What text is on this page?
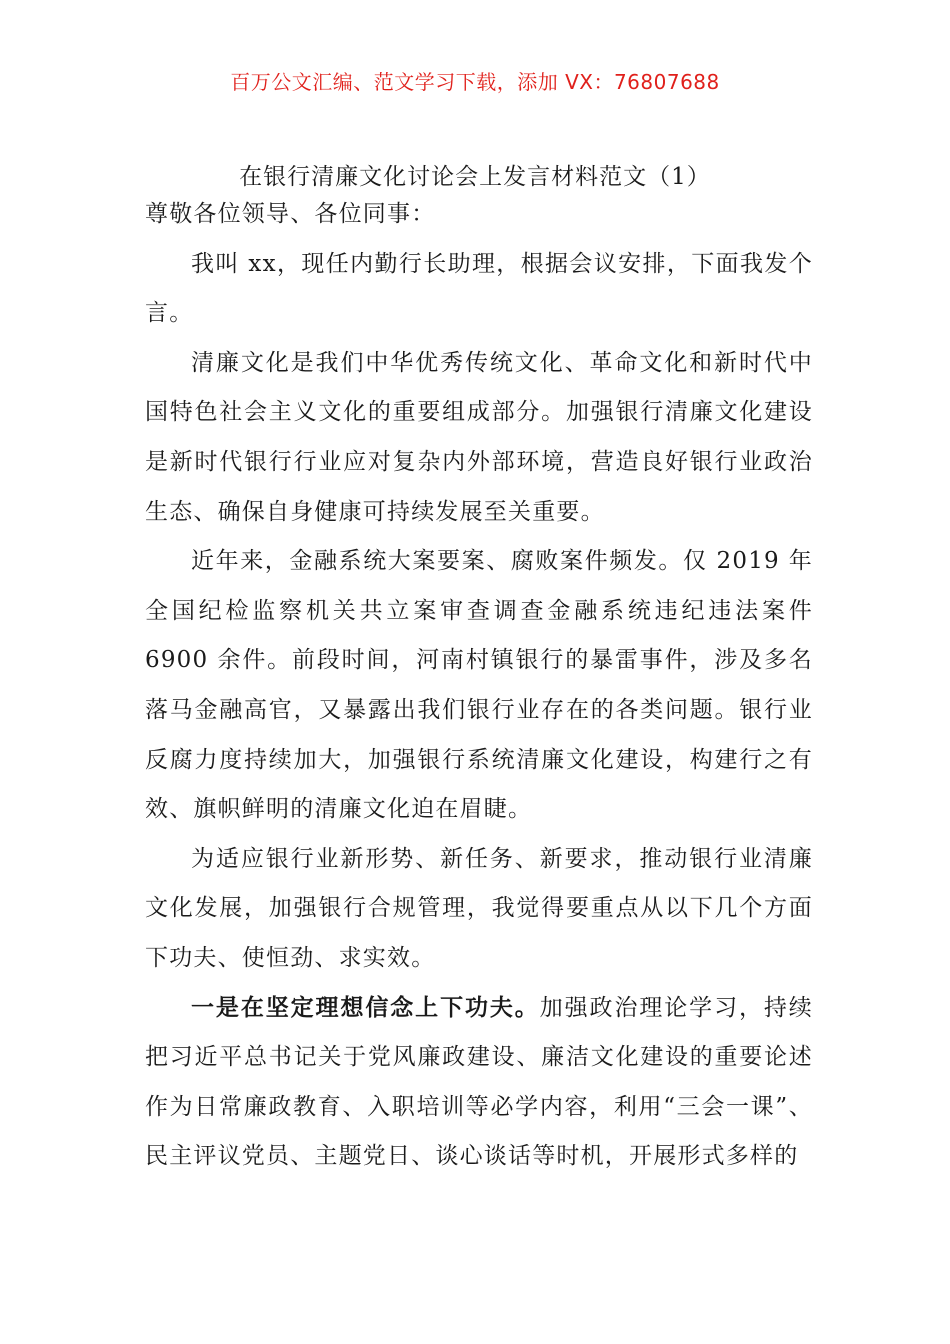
百万公文汇编、范文学习下载，添加 VX：76807688
在银行清廉文化讨论会上发言材料范文（1）

尊敬各位领导、各位同事：

我叫 xx，现任内勤行长助理，根据会议安排，下面我发个言。

清廉文化是我们中华优秀传统文化、革命文化和新时代中国特色社会主义文化的重要组成部分。加强银行清廉文化建设是新时代银行行业应对复杂内外部环境，营造良好银行业政治生态、确保自身健康可持续发展至关重要。

近年来，金融系统大案要案、腐败案件频发。仅 2019 年全国纪检监察机关共立案审查调查金融系统违纪违法案件 6900 余件。前段时间，河南村镇银行的暴雷事件，涉及多名落马金融高官，又暴露出我们银行业存在的各类问题。银行业反腐力度持续加大，加强银行系统清廉文化建设，构建行之有效、旗帜鲜明的清廉文化迫在眉睫。

为适应银行业新形势、新任务、新要求，推动银行业清廉文化发展，加强银行合规管理，我觉得要重点从以下几个方面下功夫、使恒劲、求实效。

一是在坚定理想信念上下功夫。加强政治理论学习，持续把习近平总书记关于党风廉政建设、廉洁文化建设的重要论述作为日常廉政教育、入职培训等必学内容，利用“三会一课”、民主评议党员、主题党日、谈心谈话等时机，开展形式多样的
